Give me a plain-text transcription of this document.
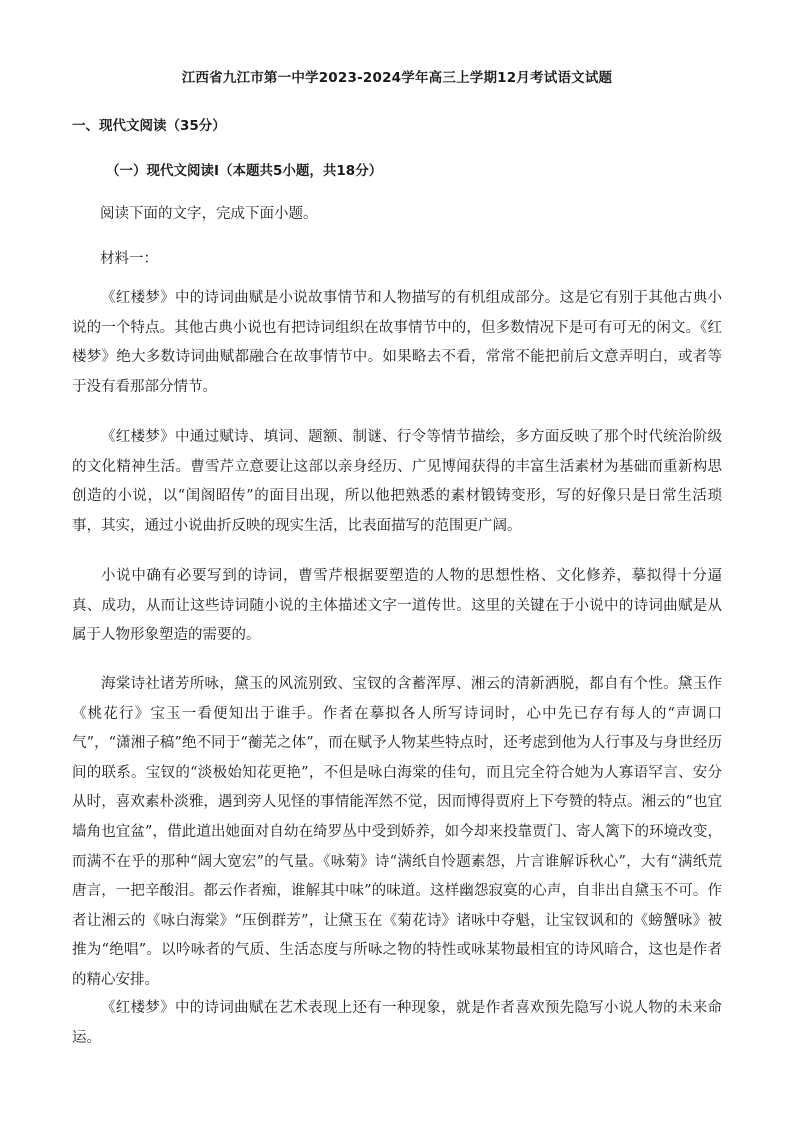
江西省九江市第一中学2023-2024学年高三上学期12月考试语文试题
一、现代文阅读（35分）
（一）现代文阅读Ⅰ（本题共5小题，共18分）
阅读下面的文字，完成下面小题。
材料一：

《红楼梦》中的诗词曲赋是小说故事情节和人物描写的有机组成部分。这是它有别于其他古典小说的一个特点。其他古典小说也有把诗词组织在故事情节中的，但多数情况下是可有可无的闲文。《红楼梦》绝大多数诗词曲赋都融合在故事情节中。如果略去不看，常常不能把前后文意弄明白，或者等于没有看那部分情节。

《红楼梦》中通过赋诗、填词、题额、制谜、行令等情节描绘，多方面反映了那个时代统治阶级的文化精神生活。曹雪芹立意要让这部以亲身经历、广见博闻获得的丰富生活素材为基础而重新构思创造的小说，以“闺阁昭传”的面目出现，所以他把熟悉的素材锻铸变形，写的好像只是日常生活琐事，其实，通过小说曲折反映的现实生活，比表面描写的范围更广阔。

小说中确有必要写到的诗词，曹雪芹根据要塑造的人物的思想性格、文化修养，摹拟得十分逼真、成功，从而让这些诗词随小说的主体描述文字一道传世。这里的关键在于小说中的诗词曲赋是从属于人物形象塑造的需要的。

海棠诗社诸芳所咏，黛玉的风流别致、宝钗的含蓄浑厚、湘云的清新洒脱，都自有个性。黛玉作《桃花行》宝玉一看便知出于谁手。作者在摹拟各人所写诗词时，心中先已存有每人的“声调口气”，“潇湘子稿”绝不同于“蘅芜之体”，而在赋予人物某些特点时，还考虑到他为人行事及与身世经历间的联系。宝钗的“淡极始知花更艳”，不但是咏白海棠的佳句，而且完全符合她为人寡语罕言、安分从时，喜欢素朴淡雅，遇到旁人见怪的事情能浑然不觉，因而博得贾府上下夸赞的特点。湘云的“也宜墙角也宜盆”，借此道出她面对自幼在绮罗丛中受到娇养，如今却来投靠贾门、寄人篱下的环境改变，而满不在乎的那种“阔大宽宏”的气量。《咏菊》诗“满纸自怜题素怨，片言谁解诉秋心”，大有“满纸荒唐言，一把辛酸泪。都云作者痴，谁解其中味”的味道。这样幽怨寂寞的心声，自非出自黛玉不可。作者让湘云的《咏白海棠》“压倒群芳”，让黛玉在《菊花诗》诸咏中夺魁，让宝钗讽和的《螃蟹咏》被推为“绝唱”。以吟咏者的气质、生活态度与所咏之物的特性或咏某物最相宜的诗风暗合，这也是作者的精心安排。

《红楼梦》中的诗词曲赋在艺术表现上还有一种现象，就是作者喜欢预先隐写小说人物的未来命运。
